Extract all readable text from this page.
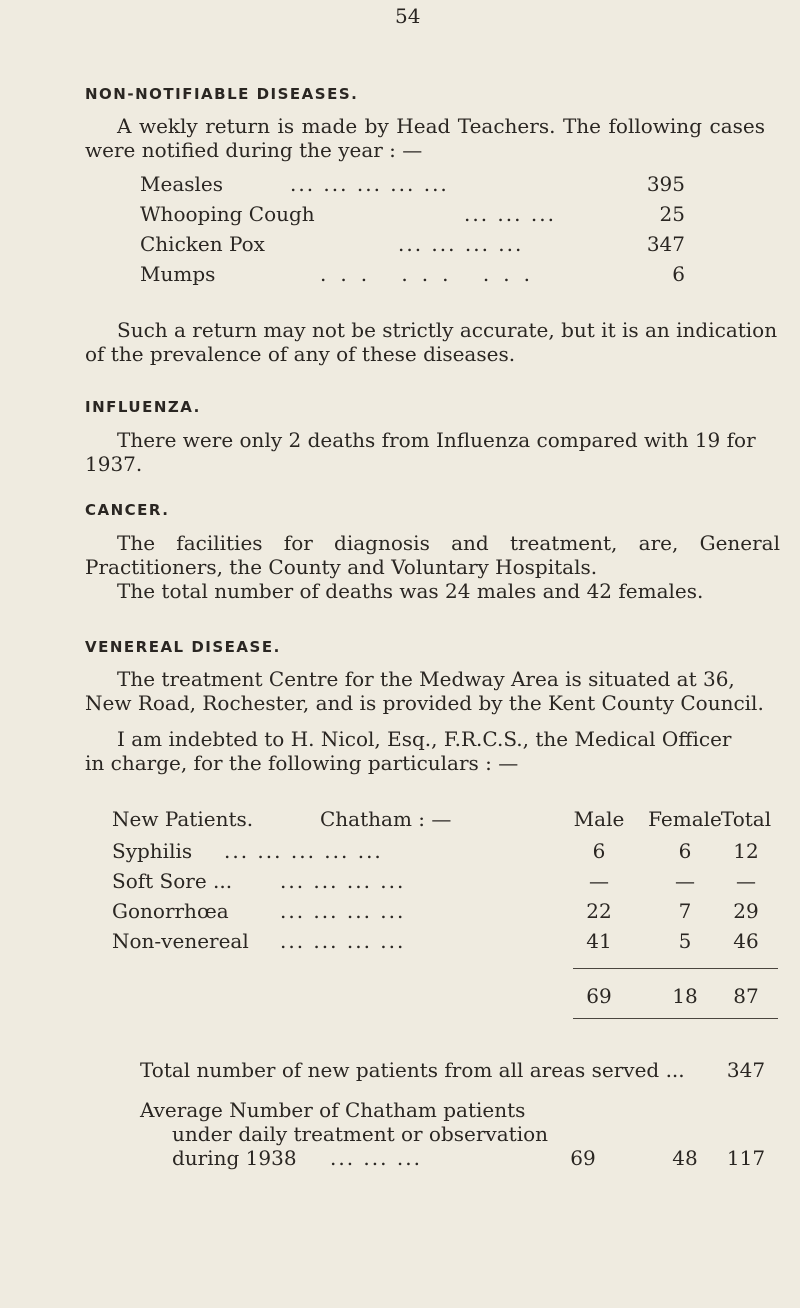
54
NON-NOTIFIABLE DISEASES.

A wekly return is made by Head Teachers. The following cases

were notified during the year : —

Measles	... ... ... ... ...	395
Whooping Cough	... ... ...	25
Chicken Pox	... ... ... ...	347
Mumps	... ... ...	6

Such a return may not be strictly accurate, but it is an indication

of the prevalence of any of these diseases.

INFLUENZA.

There were only 2 deaths from Influenza compared with 19 for

1937.

CANCER.

The facilities for diagnosis and treatment, are, General

Practitioners, the County and Voluntary Hospitals.

The total number of deaths was 24 males and 42 females.

VENEREAL DISEASE.

The treatment Centre for the Medway Area is situated at 36,

New Road, Rochester, and is provided by the Kent County Council.

I am indebted to H. Nicol, Esq., F.R.C.S., the Medical Officer

in charge, for the following particulars : —

New Patients.	Chatham : —	Male	Female Total
Syphilis ... ... ... ... ...	6	6	12
Soft Sore ... ... ... ... ...	—	—	—
Gonorrhœa	... ... ... ...	22	7	29
Non-venereal ... ... ... ...	41	5	46
69	18	87
Total number of new patients from all areas served ...	347
Average Number of Chatham patients
under daily treatment or observation
during 1938 ... ... ...	69	48	117
